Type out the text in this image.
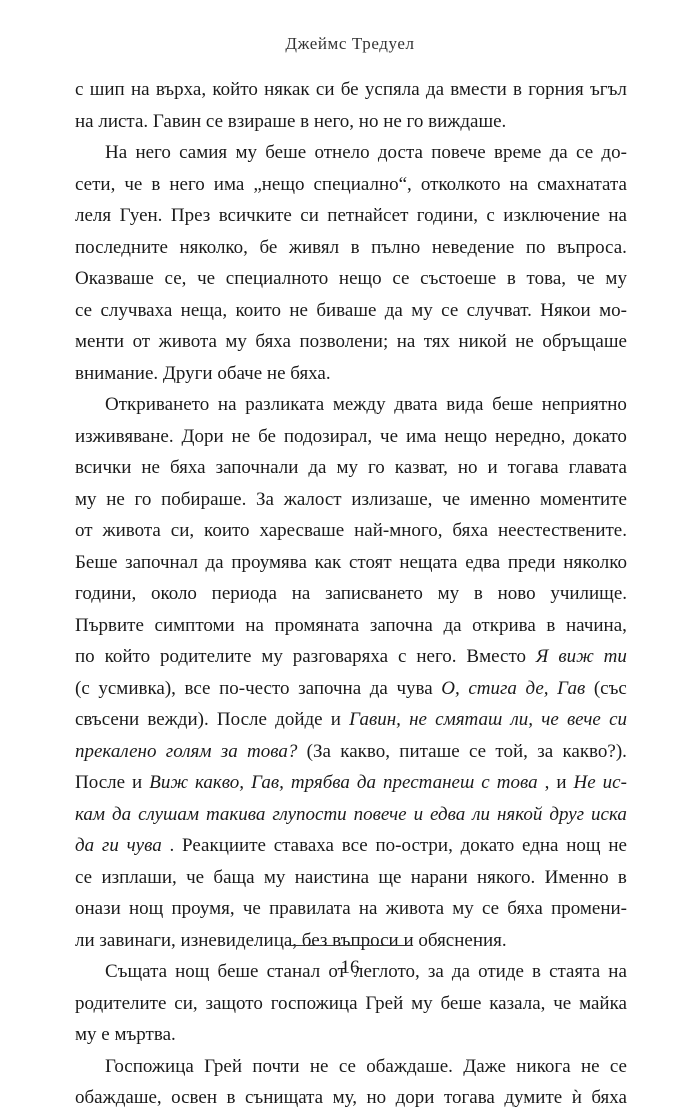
Джеймс Тредуел
с шип на върха, който някак си бе успяла да вмести в горния ъгъл
на листа. Гавин се взираше в него, но не го виждаше.
На него самия му беше отнело доста повече време да се до-
сети, че в него има „нещо специално“, отколкото на смахнатата
леля Гуен. През всичките си петнайсет години, с изключение на
последните няколко, бе живял в пълно неведение по въпроса.
Оказваше се, че специалното нещо се състоеше в това, че му
се случваха неща, които не биваше да му се случват. Някои мо-
менти от живота му бяха позволени; на тях никой не обръщаше
внимание. Други обаче не бяха.
Откриването на разликата между двата вида беше неприятно
изживяване. Дори не бе подозирал, че има нещо нередно, докато
всички не бяха започнали да му го казват, но и тогава главата
му не го побираше. За жалост излизаше, че именно моментите
от живота си, които харесваше най-много, бяха неестествените.
Беше започнал да проумява как стоят нещата едва преди няколко
години, около периода на записването му в ново училище.
Първите симптоми на промяната започна да открива в начина,
по който родителите му разговаряха с него. Вместо Я виж ти
(с усмивка), все по-често започна да чува О, стига де, Гав (със
свъсени вежди). После дойде и Гавин, не смяташ ли, че вече си
прекалено голям за това? (За какво, питаше се той, за какво?).
После и Виж какво, Гав, трябва да престанеш с това , и Не ис-
кам да слушам такива глупости повече и едва ли някой друг иска
да ги чува . Реакциите ставаха все по-остри, докато една нощ не
се изплаши, че баща му наистина ще нарани някого. Именно в
онази нощ проумя, че правилата на живота му се бяха промени-
ли завинаги, изневиделица, без въпроси и обяснения.
Същата нощ беше станал от леглото, за да отиде в стаята на
родителите си, защото госпожица Грей му беше казала, че майка
му е мъртва.
Госпожица Грей почти не се обаждаше. Даже никога не се
обаждаше, освен в сънищата му, но дори тогава думите ѝ бяха
16
